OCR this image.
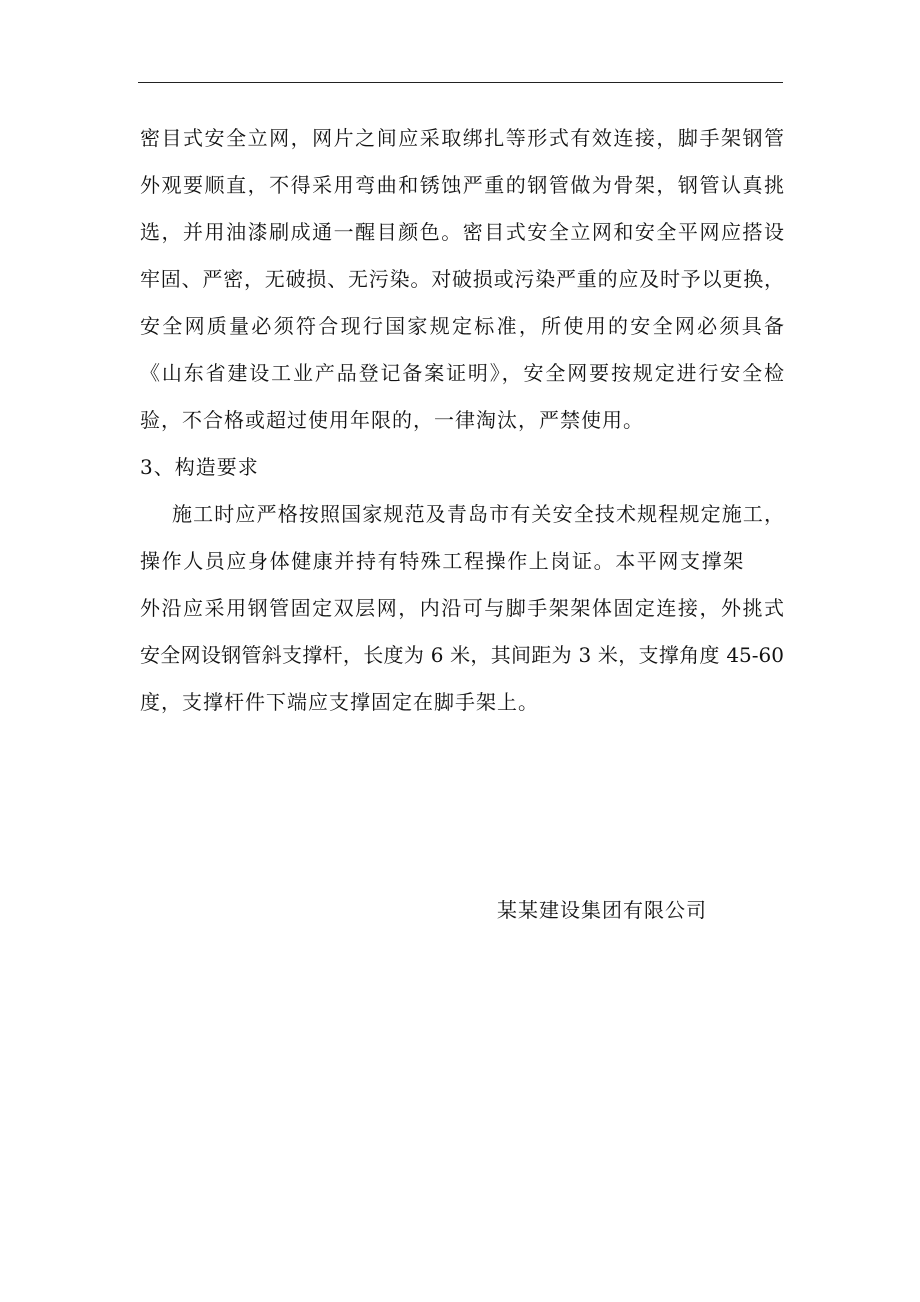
密目式安全立网，网片之间应采取绑扎等形式有效连接，脚手架钢管
外观要顺直，不得采用弯曲和锈蚀严重的钢管做为骨架，钢管认真挑
选，并用油漆刷成通一醒目颜色。密目式安全立网和安全平网应搭设
牢固、严密，无破损、无污染。对破损或污染严重的应及时予以更换，
安全网质量必须符合现行国家规定标准，所使用的安全网必须具备
《山东省建设工业产品登记备案证明》，安全网要按规定进行安全检
验，不合格或超过使用年限的，一律淘汰，严禁使用。
3、构造要求
施工时应严格按照国家规范及青岛市有关安全技术规程规定施工，
操作人员应身体健康并持有特殊工程操作上岗证。本平网支撑架
外沿应采用钢管固定双层网，内沿可与脚手架架体固定连接，外挑式
安全网设钢管斜支撑杆，长度为 6 米，其间距为 3 米，支撑角度 45-60
度，支撑杆件下端应支撑固定在脚手架上。
某某建设集团有限公司
